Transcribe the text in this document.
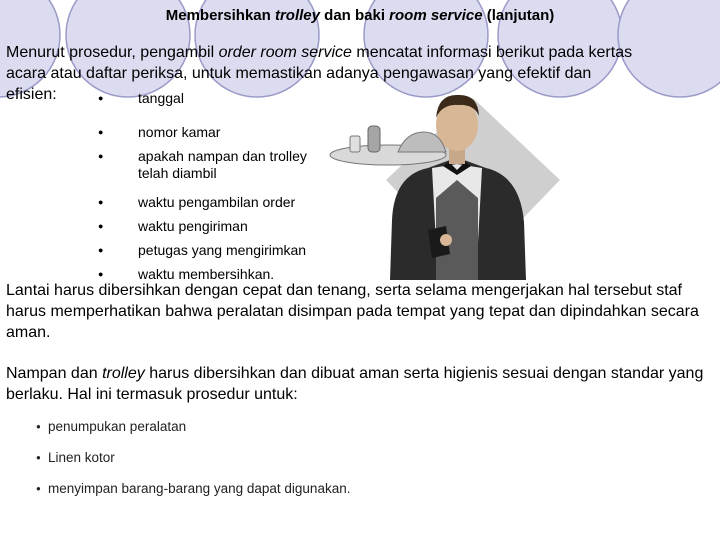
Membersihkan trolley dan baki room service (lanjutan)

Menurut prosedur, pengambil order room service mencatat informasi berikut pada kertas
acara atau daftar periksa, untuk memastikan adanya pengawasan yang efektif dan
efisien:

●	tanggal
● nomor kamar
● apakah nampan dan trolley
telah diambil
● waktu pengambilan order
● waktu pengiriman
● petugas yang mengirimkan
● waktu membersihkan.

Lantai harus dibersihkan dengan cepat dan tenang, serta selama mengerjakan hal tersebut staf harus memperhatikan bahwa peralatan disimpan pada tempat yang tepat dan dipindahkan secara aman.

Nampan dan trolley harus dibersihkan dan dibuat aman serta higienis sesuai dengan standar yang berlaku. Hal ini termasuk prosedur untuk:

● penumpukan peralatan
● Linen kotor
● menyimpan barang-barang yang dapat digunakan.
